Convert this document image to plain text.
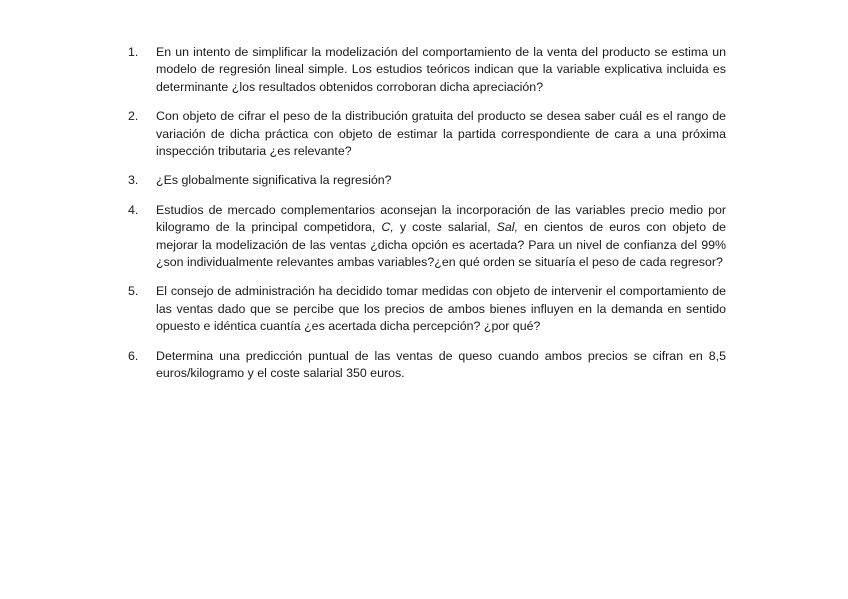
1.	En un intento de simplificar la modelización del comportamiento de la venta del producto se estima un modelo de regresión lineal simple. Los estudios teóricos indican que la variable explicativa incluida es determinante ¿los resultados obtenidos corroboran dicha apreciación?
2.	Con objeto de cifrar el peso de la distribución gratuita del producto se desea saber cuál es el rango de variación de dicha práctica con objeto de estimar la partida correspondiente de cara a una próxima inspección tributaria ¿es relevante?
3.	¿Es globalmente significativa la regresión?
4.	Estudios de mercado complementarios aconsejan la incorporación de las variables precio medio por kilogramo de la principal competidora, C, y coste salarial, Sal, en cientos de euros con objeto de mejorar la modelización de las ventas ¿dicha opción es acertada? Para un nivel de confianza del 99% ¿son individualmente relevantes ambas variables?¿en qué orden se situaría el peso de cada regresor?
5.	El consejo de administración ha decidido tomar medidas con objeto de intervenir el comportamiento de las ventas dado que se percibe que los precios de ambos bienes influyen en la demanda en sentido opuesto e idéntica cuantía ¿es acertada dicha percepción? ¿por qué?
6.	Determina una predicción puntual de las ventas de queso cuando ambos precios se cifran en 8,5 euros/kilogramo y el coste salarial 350 euros.
